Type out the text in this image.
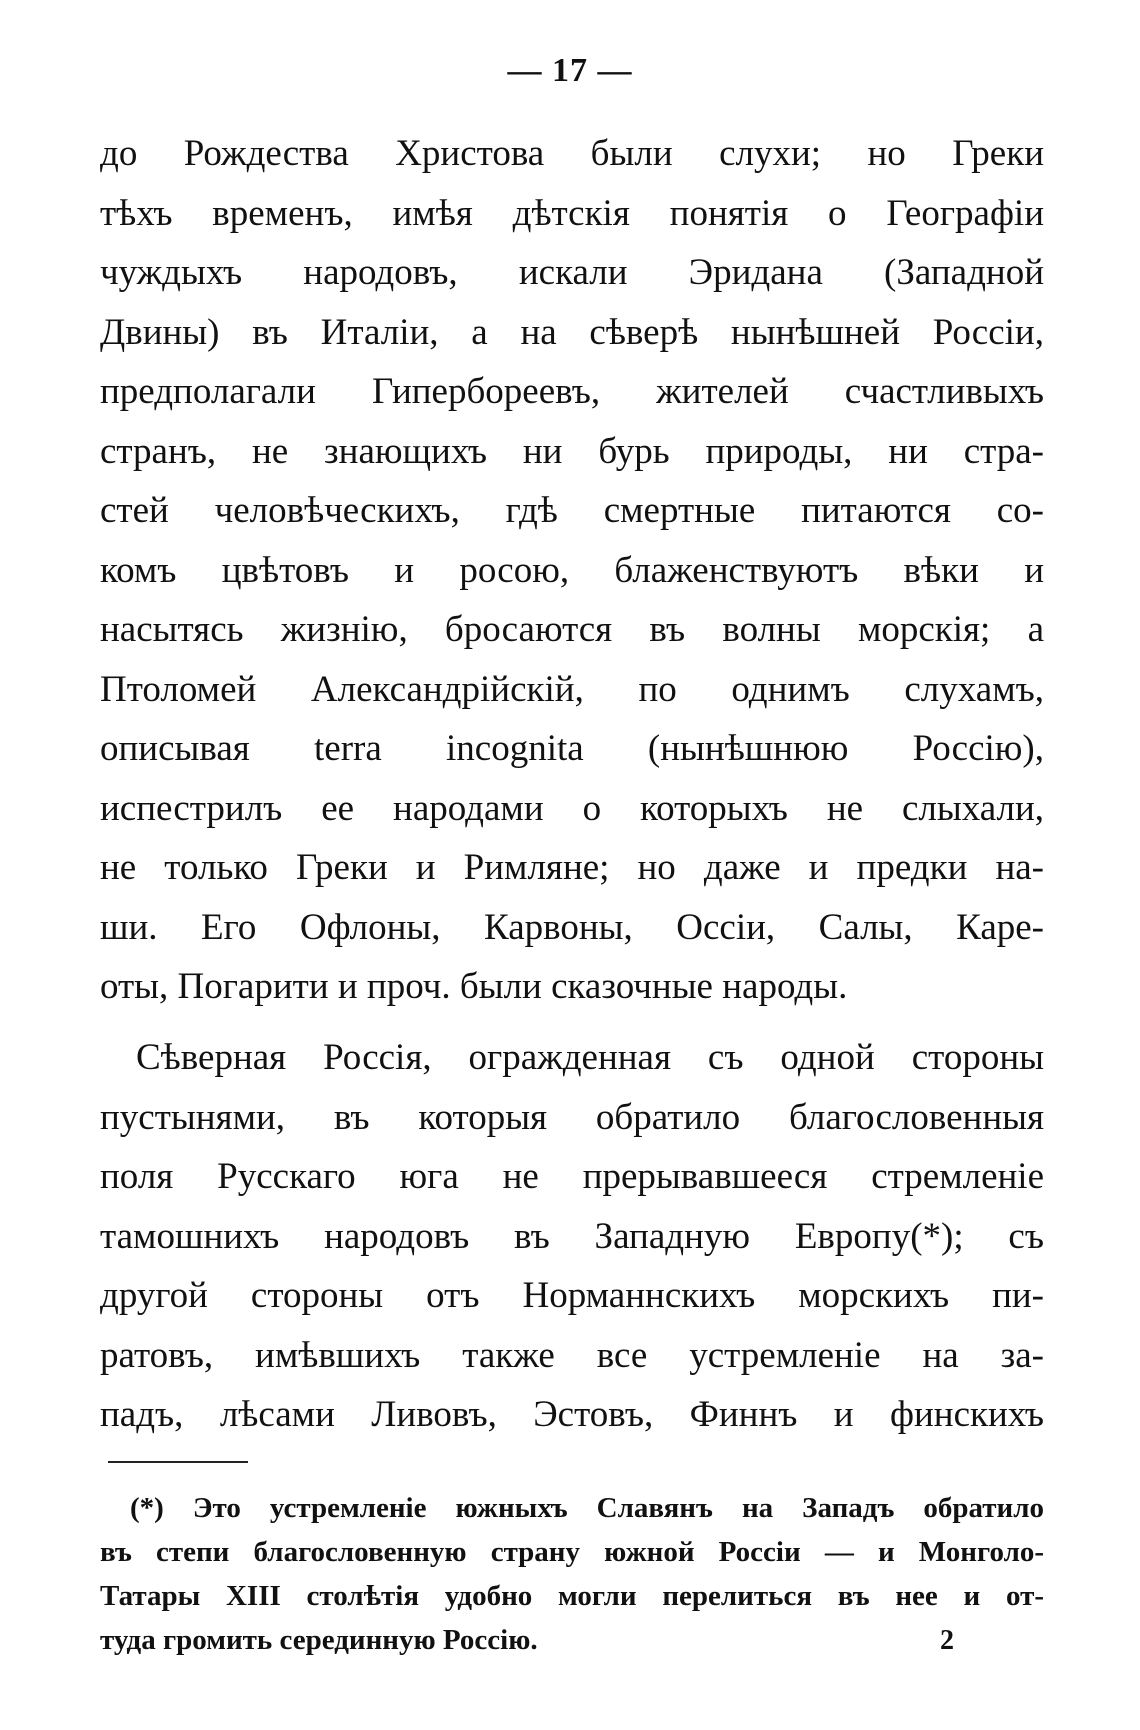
— 17 —
до Рождества Христова были слухи; но Греки
тѣхъ временъ, имѣя дѣтскія понятія о Географіи
чуждыхъ народовъ, искали Эридана (Западной
Двины) въ Италіи, а на сѣверѣ нынѣшней Россіи,
предполагали Гипербореевъ, жителей счастливыхъ
странъ, не знающихъ ни бурь природы, ни стра-
стей человѣческихъ, гдѣ смертные питаются со-
комъ цвѣтовъ и росою, блаженствуютъ вѣки и
насытясь жизнію, бросаются въ волны морскія; а
Птоломей Александрійскій, по однимъ слухамъ,
описывая terra incognita (нынѣшнюю Россію),
испестрилъ ее народами о которыхъ не слыхали,
не только Греки и Римляне; но даже и предки на-
ши. Его Офлоны, Карвоны, Оссіи, Салы, Каре-
оты, Погарити и проч. были сказочные народы.
Сѣверная Россія, огражденная съ одной стороны
пустынями, въ которыя обратило благословенныя
поля Русскаго юга не прерывавшееся стремленіе
тамошнихъ народовъ въ Западную Европу(*); съ
другой стороны отъ Норманнскихъ морскихъ пи-
ратовъ, имѣвшихъ также все устремленіе на за-
падъ, лѣсами Ливовъ, Эстовъ, Финнъ и финскихъ
(*) Это устремленіе южныхъ Славянъ на Западъ обратило
въ степи благословенную страну южной Россіи — и Монголо-
Татары XIII столѣтія удобно могли перелиться въ нее и от-
туда громить серединную Россію.	2
